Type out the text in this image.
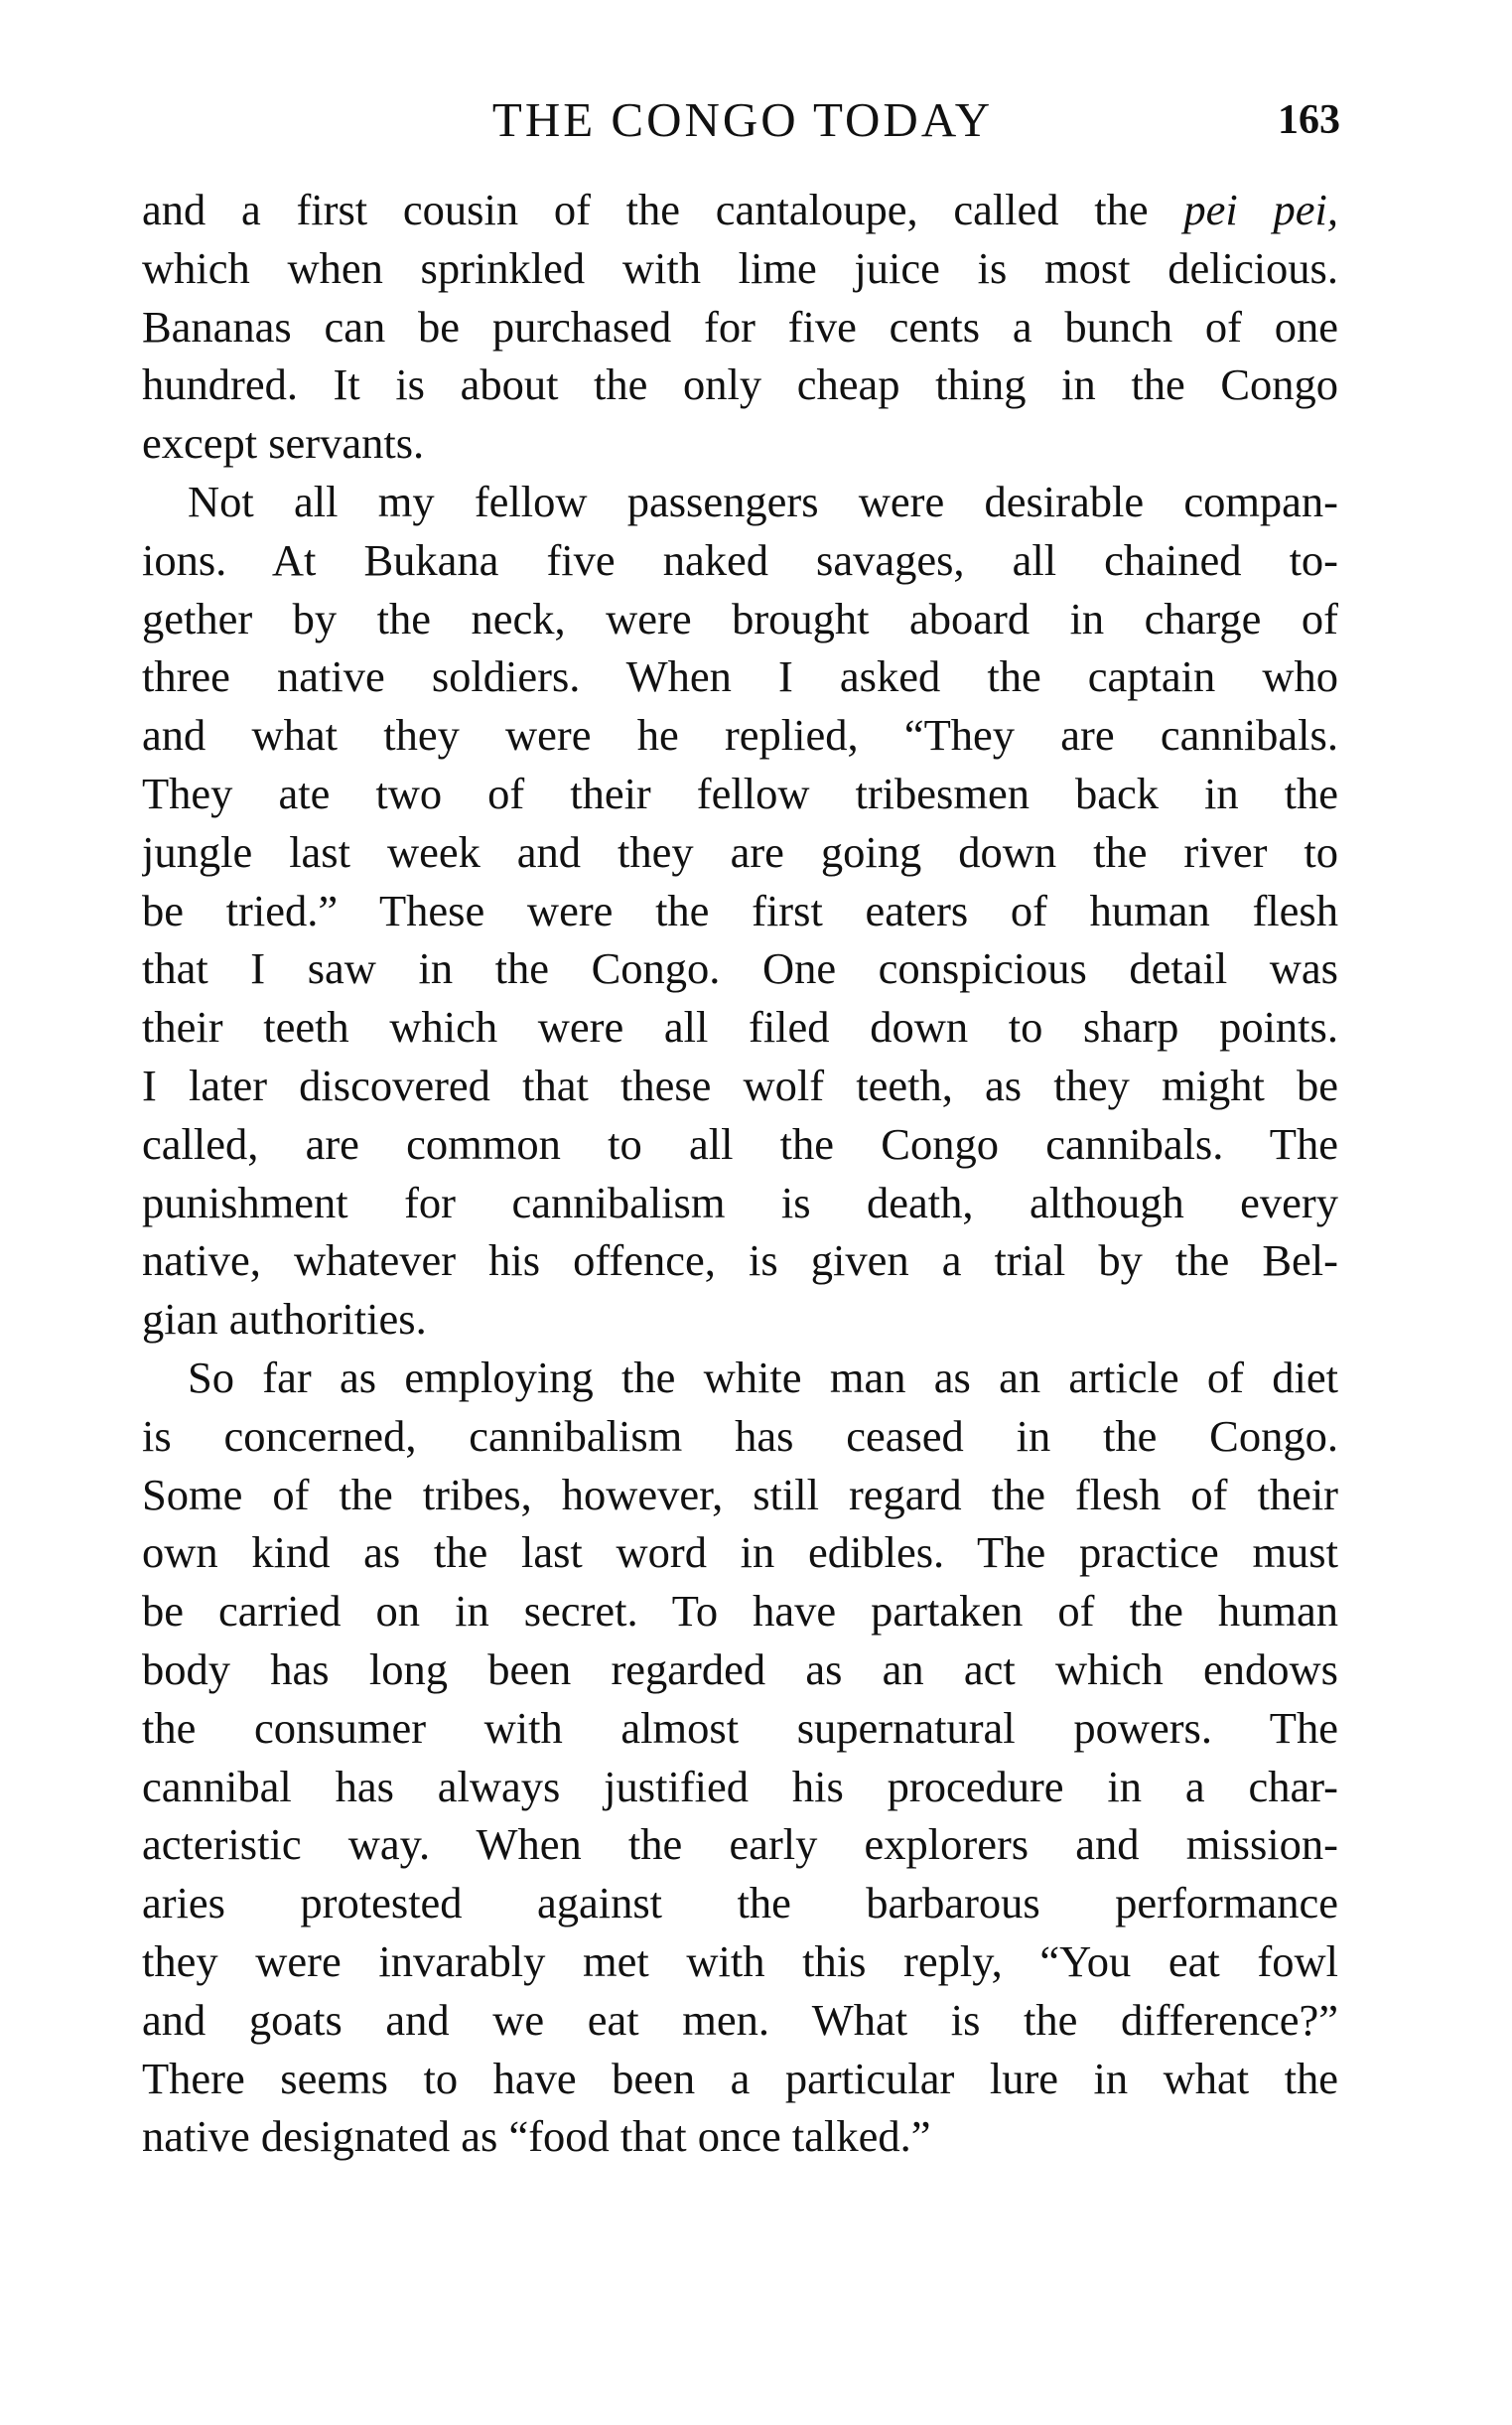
THE CONGO TODAY	163
and a first cousin of the cantaloupe, called the pei pei,
which when sprinkled with lime juice is most delicious.
Bananas can be purchased for five cents a bunch of one
hundred. It is about the only cheap thing in the Congo
except servants.
Not all my fellow passengers were desirable compan-
ions. At Bukana five naked savages, all chained to-
gether by the neck, were brought aboard in charge of
three native soldiers. When I asked the captain who
and what they were he replied, “They are cannibals.
They ate two of their fellow tribesmen back in the
jungle last week and they are going down the river to
be tried.” These were the first eaters of human flesh
that I saw in the Congo. One conspicious detail was
their teeth which were all filed down to sharp points.
I later discovered that these wolf teeth, as they might be
called, are common to all the Congo cannibals. The
punishment for cannibalism is death, although every
native, whatever his offence, is given a trial by the Bel-
gian authorities.
So far as employing the white man as an article of diet
is concerned, cannibalism has ceased in the Congo.
Some of the tribes, however, still regard the flesh of their
own kind as the last word in edibles. The practice must
be carried on in secret. To have partaken of the human
body has long been regarded as an act which endows
the consumer with almost supernatural powers. The
cannibal has always justified his procedure in a char-
acteristic way. When the early explorers and mission-
aries protested against the barbarous performance
they were invarably met with this reply, “You eat fowl
and goats and we eat men. What is the difference?”
There seems to have been a particular lure in what the
native designated as “food that once talked.”
